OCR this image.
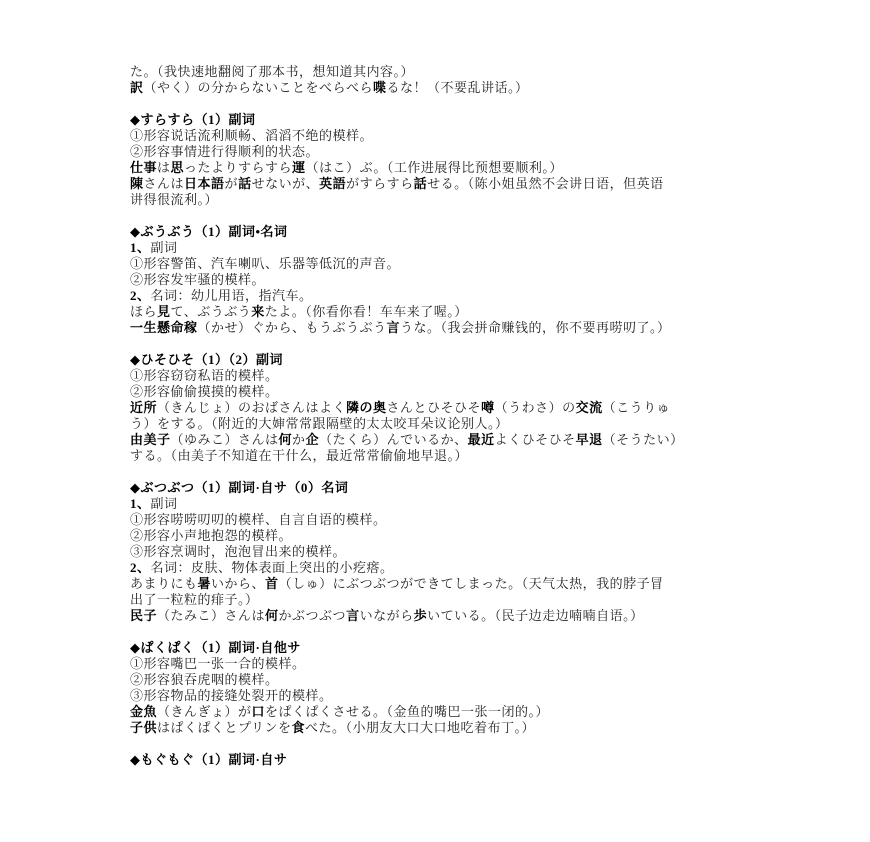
た。（我快速地翻阅了那本书，想知道其内容。）
訳（やく）の分からないことをべらべら喋るな！（不要乱讲话。）
◆すらすら（1）副词
①形容说话流利顺畅、滔滔不绝的模样。
②形容事情进行得顺利的状态。
仕事は思ったよりすらすら運（はこ）ぶ。（工作进展得比预想要顺利。）
陳さんは日本語が話せないが、英語がすらすら話せる。（陈小姐虽然不会讲日语，但英语
讲得很流利。）
◆ぶうぶう（1）副词•名词
1、副词
①形容警笛、汽车喇叭、乐器等低沉的声音。
②形容发牢骚的模样。
2、名词：幼儿用语，指汽车。
ほら見て、ぶうぶう来たよ。（你看你看！车车来了喔。）
一生懸命稼（かせ）ぐから、もうぶうぶう言うな。（我会拼命赚钱的，你不要再唠叨了。）
◆ひそひそ（1）（2）副词
①形容窃窃私语的模样。
②形容偷偷摸摸的模样。
近所（きんじょ）のおばさんはよく隣の奥さんとひそひそ噂（うわさ）の交流（こうりゅ
う）をする。（附近的大婶常常跟隔壁的太太咬耳朵议论别人。）
由美子（ゆみこ）さんは何か企（たくら）んでいるか、最近よくひそひそ早退（そうたい）
する。（由美子不知道在干什么，最近常常偷偷地早退。）
◆ぶつぶつ（1）副词·自サ（0）名词
1、副词
①形容唠唠叨叨的模样、自言自语的模样。
②形容小声地抱怨的模样。
③形容烹调时，泡泡冒出来的模样。
2、名词：皮肤、物体表面上突出的小疙瘩。
あまりにも暑いから、首（しゅ）にぶつぶつができてしまった。（天气太热，我的脖子冒
出了一粒粒的痱子。）
民子（たみこ）さんは何かぶつぶつ言いながら歩いている。（民子边走边喃喃自语。）
◆ぱくぱく（1）副词·自他サ
①形容嘴巴一张一合的模样。
②形容狼吞虎咽的模样。
③形容物品的接缝处裂开的模样。
金魚（きんぎょ）が口をぱくぱくさせる。（金鱼的嘴巴一张一闭的。）
子供はぱくぱくとプリンを食べた。（小朋友大口大口地吃着布丁。）
◆もぐもぐ（1）副词·自サ
